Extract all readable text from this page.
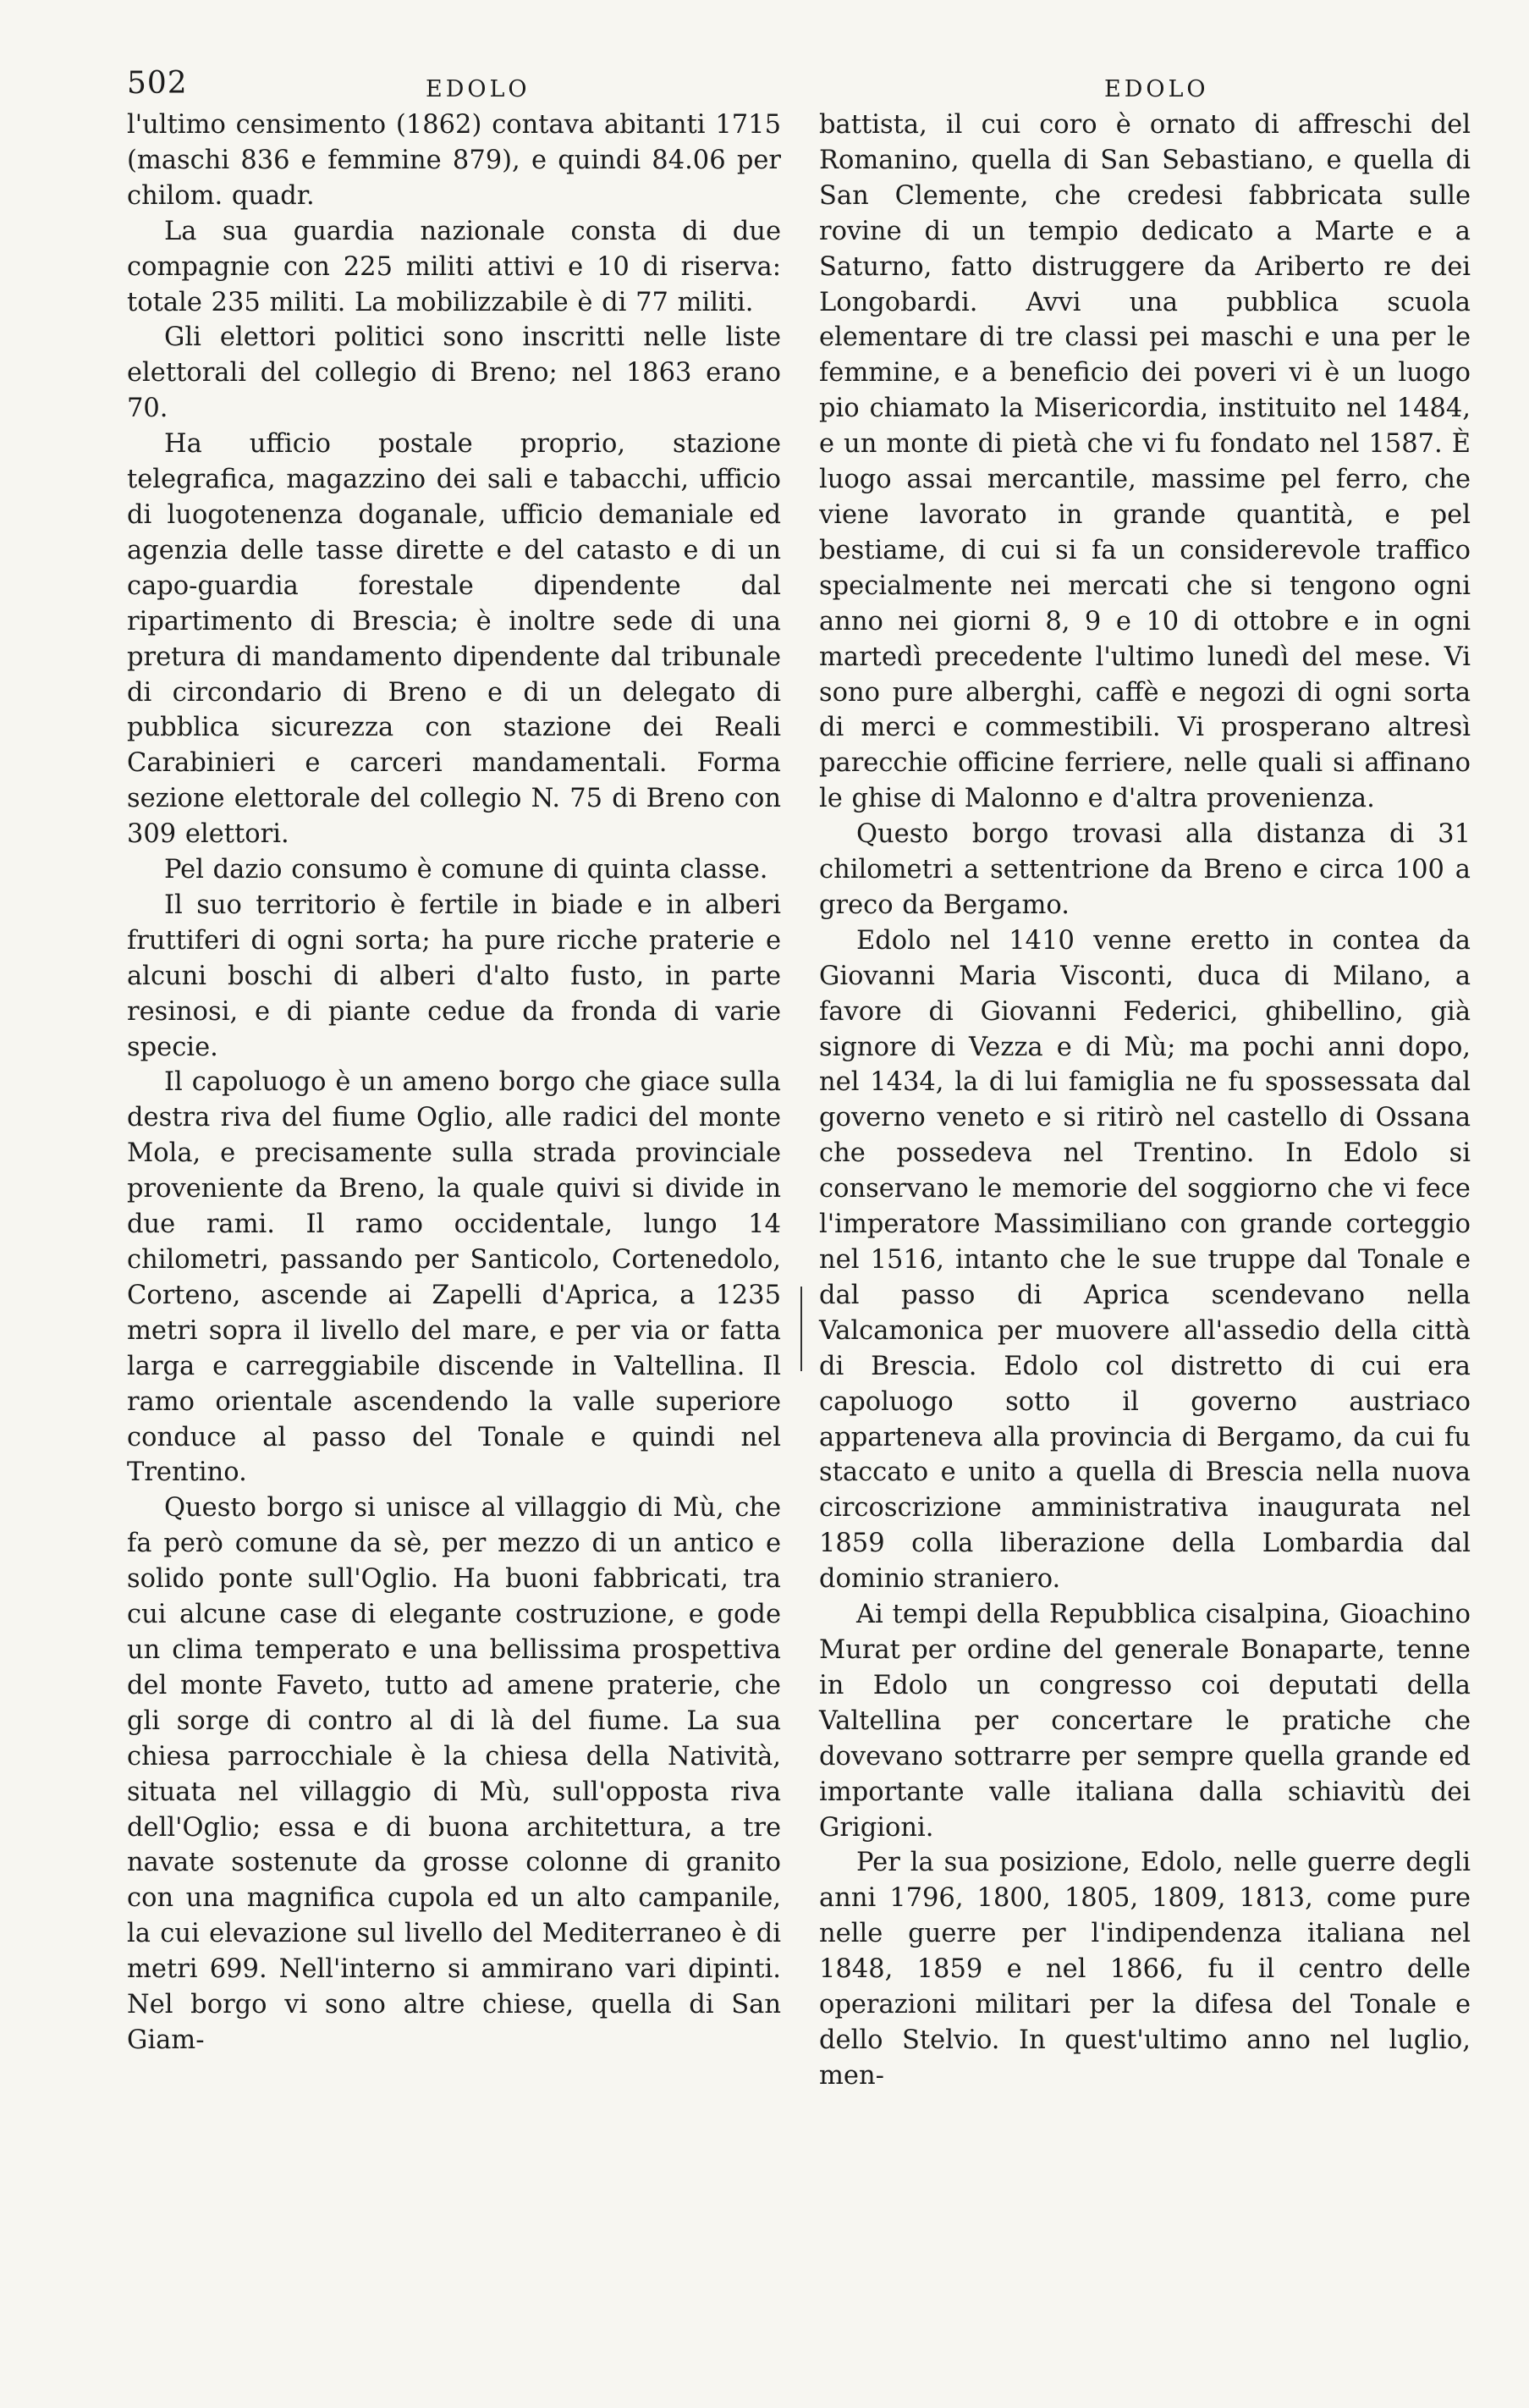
502	EDOLO	EDOLO

l'ultimo censimento (1862) contava abitanti 1715 (maschi 836 e femmine 879), e quindi 84.06 per chilom. quadr.

La sua guardia nazionale consta di due compagnie con 225 militi attivi e 10 di riserva: totale 235 militi. La mobilizzabile è di 77 militi.

Gli elettori politici sono inscritti nelle liste elettorali del collegio di Breno; nel 1863 erano 70.

Ha ufficio postale proprio, stazione telegrafica, magazzino dei sali e tabacchi, ufficio di luogotenenza doganale, ufficio demaniale ed agenzia delle tasse dirette e del catasto e di un capo-guardia forestale dipendente dal ripartimento di Brescia; è inoltre sede di una pretura di mandamento dipendente dal tribunale di circondario di Breno e di un delegato di pubblica sicurezza con stazione dei Reali Carabinieri e carceri mandamentali. Forma sezione elettorale del collegio N. 75 di Breno con 309 elettori.

Pel dazio consumo è comune di quinta classe.

Il suo territorio è fertile in biade e in alberi fruttiferi di ogni sorta; ha pure ricche praterie e alcuni boschi di alberi d'alto fusto, in parte resinosi, e di piante cedue da fronda di varie specie.

Il capoluogo è un ameno borgo che giace sulla destra riva del fiume Oglio, alle radici del monte Mola, e precisamente sulla strada provinciale proveniente da Breno, la quale quivi si divide in due rami. Il ramo occidentale, lungo 14 chilometri, passando per Santicolo, Cortenedolo, Corteno, ascende ai Zapelli d'Aprica, a 1235 metri sopra il livello del mare, e per via or fatta larga e carreggiabile discende in Valtellina. Il ramo orientale ascendendo la valle superiore conduce al passo del Tonale e quindi nel Trentino.

Questo borgo si unisce al villaggio di Mù, che fa però comune da sè, per mezzo di un antico e solido ponte sull'Oglio. Ha buoni fabbricati, tra cui alcune case di elegante costruzione, e gode un clima temperato e una bellissima prospettiva del monte Faveto, tutto ad amene praterie, che gli sorge di contro al di là del fiume. La sua chiesa parrocchiale è la chiesa della Natività, situata nel villaggio di Mù, sull'opposta riva dell'Oglio; essa e di buona architettura, a tre navate sostenute da grosse colonne di granito con una magnifica cupola ed un alto campanile, la cui elevazione sul livello del Mediterraneo è di metri 699. Nell'interno si ammirano vari dipinti. Nel borgo vi sono altre chiese, quella di San Giam-

battista, il cui coro è ornato di affreschi del Romanino, quella di San Sebastiano, e quella di San Clemente, che credesi fabbricata sulle rovine di un tempio dedicato a Marte e a Saturno, fatto distruggere da Ariberto re dei Longobardi. Avvi una pubblica scuola elementare di tre classi pei maschi e una per le femmine, e a beneficio dei poveri vi è un luogo pio chiamato la Misericordia, instituito nel 1484, e un monte di pietà che vi fu fondato nel 1587. È luogo assai mercantile, massime pel ferro, che viene lavorato in grande quantità, e pel bestiame, di cui si fa un considerevole traffico specialmente nei mercati che si tengono ogni anno nei giorni 8, 9 e 10 di ottobre e in ogni martedì precedente l'ultimo lunedì del mese. Vi sono pure alberghi, caffè e negozi di ogni sorta di merci e commestibili. Vi prosperano altresì parecchie officine ferriere, nelle quali si affinano le ghise di Malonno e d'altra provenienza.

Questo borgo trovasi alla distanza di 31 chilometri a settentrione da Breno e circa 100 a greco da Bergamo.

Edolo nel 1410 venne eretto in contea da Giovanni Maria Visconti, duca di Milano, a favore di Giovanni Federici, ghibellino, già signore di Vezza e di Mù; ma pochi anni dopo, nel 1434, la di lui famiglia ne fu spossessata dal governo veneto e si ritirò nel castello di Ossana che possedeva nel Trentino. In Edolo si conservano le memorie del soggiorno che vi fece l'imperatore Massimiliano con grande corteggio nel 1516, intanto che le sue truppe dal Tonale e dal passo di Aprica scendevano nella Valcamonica per muovere all'assedio della città di Brescia. Edolo col distretto di cui era capoluogo sotto il governo austriaco apparteneva alla provincia di Bergamo, da cui fu staccato e unito a quella di Brescia nella nuova circoscrizione amministrativa inaugurata nel 1859 colla liberazione della Lombardia dal dominio straniero.

Ai tempi della Repubblica cisalpina, Gioachino Murat per ordine del generale Bonaparte, tenne in Edolo un congresso coi deputati della Valtellina per concertare le pratiche che dovevano sottrarre per sempre quella grande ed importante valle italiana dalla schiavitù dei Grigioni.

Per la sua posizione, Edolo, nelle guerre degli anni 1796, 1800, 1805, 1809, 1813, come pure nelle guerre per l'indipendenza italiana nel 1848, 1859 e nel 1866, fu il centro delle operazioni militari per la difesa del Tonale e dello Stelvio. In quest'ultimo anno nel luglio, men-
